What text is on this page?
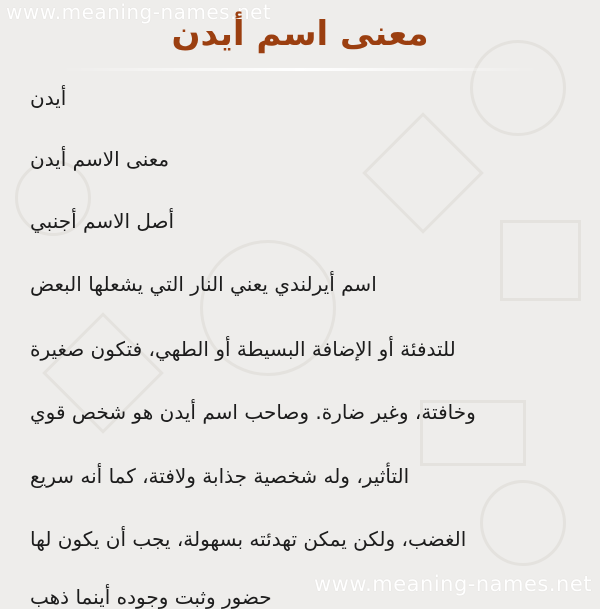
www.meaning-names.net
معنى اسم أيدن
أيدن
معنى الاسم أيدن
أصل الاسم أجنبي
اسم أيرلندي يعني النار التي يشعلها البعض
للتدفئة أو الإضافة البسيطة أو الطهي، فتكون صغيرة
وخافتة، وغير ضارة. وصاحب اسم أيدن هو شخص قوي
التأثير، وله شخصية جذابة ولافتة، كما أنه سريع
الغضب، ولكن يمكن تهدئته بسهولة، يجب أن يكون لها
حضور وثبت وجوده أينما ذهب
www.meaning-names.net
